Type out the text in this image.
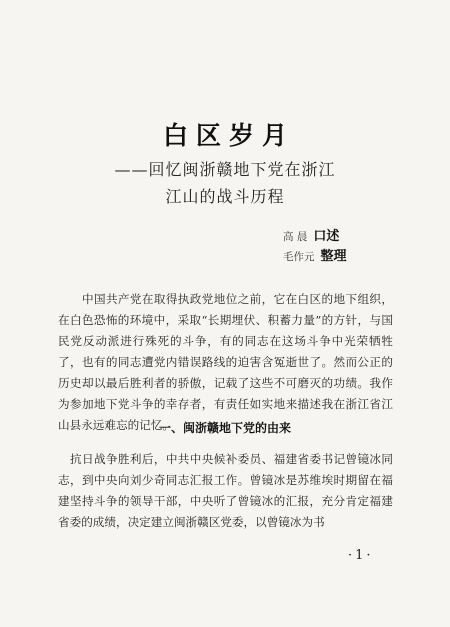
白区岁月
——回忆闽浙赣地下党在浙江
江山的战斗历程
高 晨 口述
毛作元 整理

中国共产党在取得执政党地位之前，它在白区的地下组织，在白色恐怖的环境中，采取“长期埋伏、积蓄力量”的方针，与国民党反动派进行殊死的斗争，有的同志在这场斗争中光荣牺牲了，也有的同志遭党内错误路线的迫害含冤逝世了。然而公正的历史却以最后胜利者的骄傲，记载了这些不可磨灭的功绩。我作为参加地下党斗争的幸存者，有责任如实地来描述我在浙江省江山县永远难忘的记忆。

一、闽浙赣地下党的由来

抗日战争胜利后，中共中央候补委员、福建省委书记曾镜冰同志，到中央向刘少奇同志汇报工作。曾镜冰是苏维埃时期留在福建坚持斗争的领导干部，中央听了曾镜冰的汇报，充分肯定福建省委的成绩，决定建立闽浙赣区党委，以曾镜冰为书

·1·
